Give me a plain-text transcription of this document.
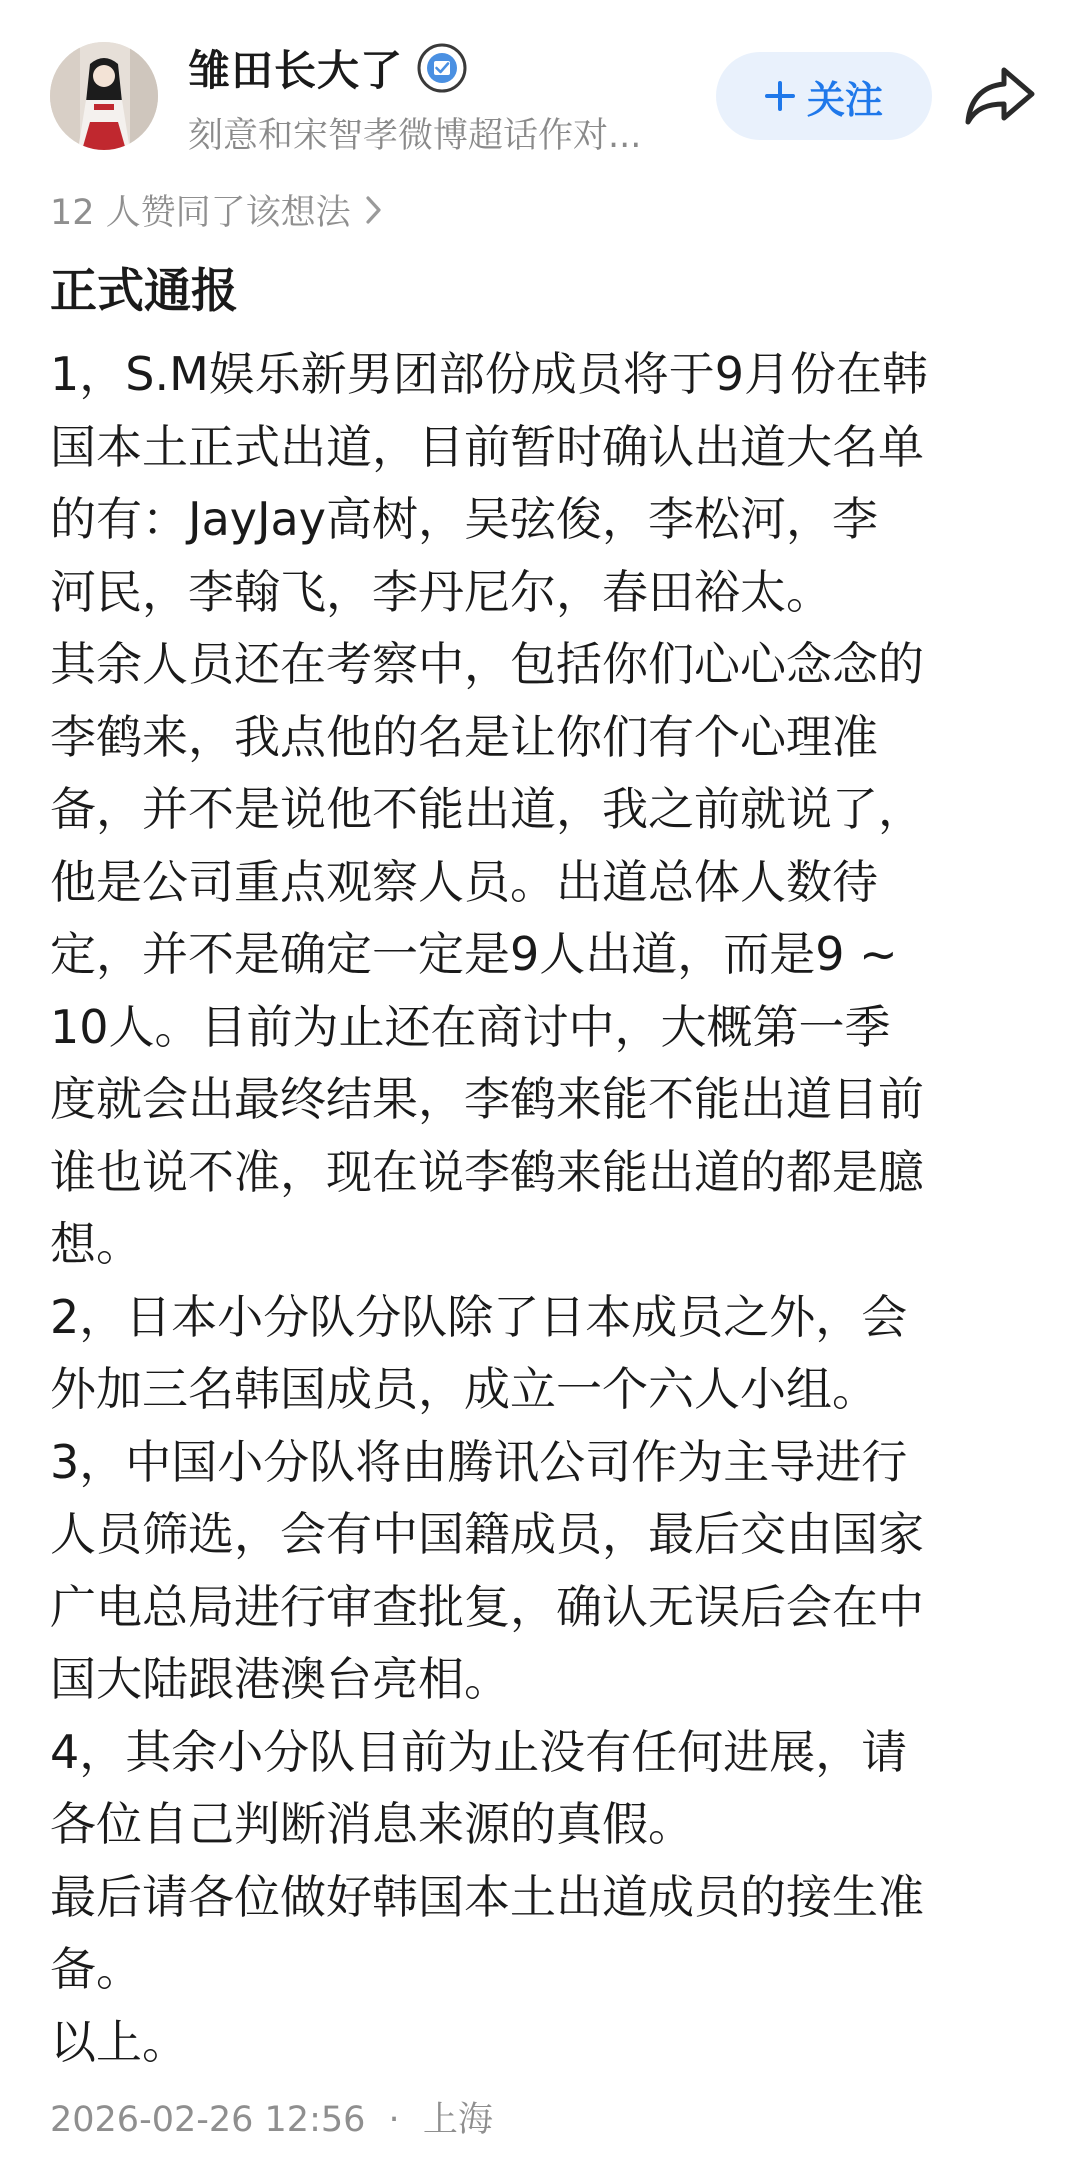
雏田长大了
刻意和宋智孝微博超话作对...
关注
12 人赞同了该想法
正式通报
1，S.M娱乐新男团部份成员将于9月份在韩
国本土正式出道，目前暂时确认出道大名单
的有：JayJay高树，吴弦俊，李松河，李
河民，李翰飞，李丹尼尔，春田裕太。
其余人员还在考察中，包括你们心心念念的
李鹤来，我点他的名是让你们有个心理准
备，并不是说他不能出道，我之前就说了，
他是公司重点观察人员。出道总体人数待
定，并不是确定一定是9人出道，而是9 ~
10人。目前为止还在商讨中，大概第一季
度就会出最终结果，李鹤来能不能出道目前
谁也说不准，现在说李鹤来能出道的都是臆
想。
2，日本小分队分队除了日本成员之外，会
外加三名韩国成员，成立一个六人小组。
3，中国小分队将由腾讯公司作为主导进行
人员筛选，会有中国籍成员，最后交由国家
广电总局进行审查批复，确认无误后会在中
国大陆跟港澳台亮相。
4，其余小分队目前为止没有任何进展，请
各位自己判断消息来源的真假。
最后请各位做好韩国本土出道成员的接生准
备。
以上。
2026-02-26 12:56 · 上海
